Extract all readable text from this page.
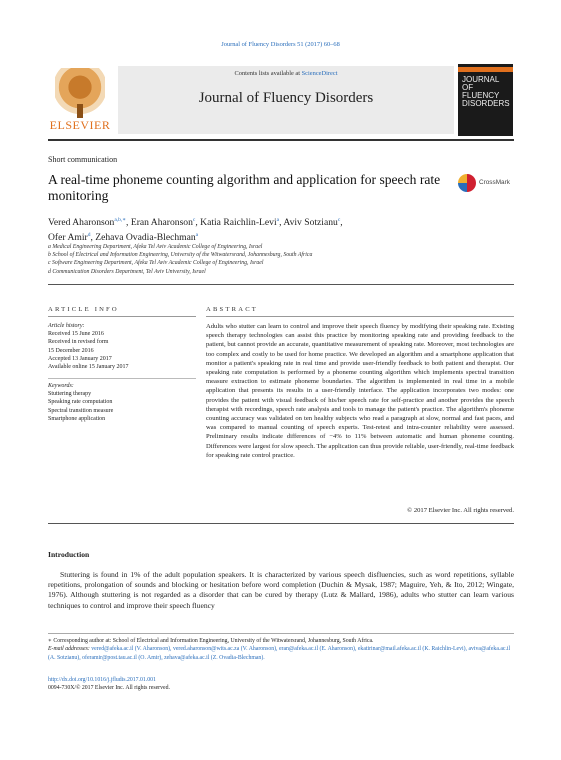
Journal of Fluency Disorders 51 (2017) 60–68
ELSEVIER
Contents lists available at ScienceDirect
Journal of Fluency Disorders
JOURNAL OF FLUENCY DISORDERS
Short communication
A real-time phoneme counting algorithm and application for speech rate monitoring
CrossMark
Vered Aharonson$^{a,b,∗}$, Eran Aharonson$^c$, Katia Raichlin-Levi$^a$, Aviv Sotzianu$^c$,
Ofer Amir$^d$, Zehava Ovadia-Blechman$^a$
a Medical Engineering Department, Afeka Tel Aviv Academic College of Engineering, Israel
b School of Electrical and Information Engineering, University of the Witwatersrand, Johannesburg, South Africa
c Software Engineering Department, Afeka Tel Aviv Academic College of Engineering, Israel
d Communication Disorders Department, Tel Aviv University, Israel
ARTICLE INFO	ABSTRACT
Article history:
Received 15 June 2016
Received in revised form
15 December 2016
Accepted 13 January 2017
Available online 15 January 2017
Keywords:
Stuttering therapy
Speaking rate computation
Spectral transition measure
Smartphone application
Adults who stutter can learn to control and improve their speech fluency by modifying their speaking rate. Existing speech therapy technologies can assist this practice by monitoring speaking rate and providing feedback to the patient, but cannot provide an accurate, quantitative measurement of speaking rate. Moreover, most technologies are too complex and costly to be used for home practice. We developed an algorithm and a smartphone application that monitor a patient's speaking rate in real time and provide user-friendly feedback to both patient and therapist. Our speaking rate computation is performed by a phoneme counting algorithm which implements spectral transition measure extraction to estimate phoneme boundaries. The algorithm is implemented in real time in a mobile application that presents its results in a user-friendly interface. The application incorporates two modes: one provides the patient with visual feedback of his/her speech rate for self-practice and another provides the speech therapist with recordings, speech rate analysis and tools to manage the patient's practice. The algorithm's phoneme counting accuracy was validated on ten healthy subjects who read a paragraph at slow, normal and fast paces, and was compared to manual counting of speech experts. Test-retest and intra-counter reliability were assessed. Preliminary results indicate differences of −4% to 11% between automatic and human phoneme counting. Differences were largest for slow speech. The application can thus provide reliable, user-friendly, real-time feedback for speaking rate control practice.
© 2017 Elsevier Inc. All rights reserved.
Introduction
Stuttering is found in 1% of the adult population speakers. It is characterized by various speech disfluencies, such as word repetitions, syllable repetitions, prolongation of sounds and blocking or hesitation before word completion (Duchin & Mysak, 1987; Maguire, Yeh, & Ito, 2012; Wingate, 1976). Although stuttering is not regarded as a disorder that can be cured by therapy (Lutz & Mallard, 1986), adults who stutter can learn various techniques to control and improve their speech fluency
∗ Corresponding author at: School of Electrical and Information Engineering, University of the Witwatersrand, Johannesburg, South Africa.
E-mail addresses: vered@afeka.ac.il (V. Aharonson), vered.aharonson@wits.ac.za (V. Aharonson), eran@afeka.ac.il (E. Aharonson), ekatirinar@mail.afeka.ac.il (K. Raichlin-Levi), aviva@afeka.ac.il (A. Sotzianu), oferamir@post.tau.ac.il (O. Amir), zehava@afeka.ac.il (Z. Ovadia-Blechman).
http://dx.doi.org/10.1016/j.jfludis.2017.01.001
0094-730X/© 2017 Elsevier Inc. All rights reserved.
